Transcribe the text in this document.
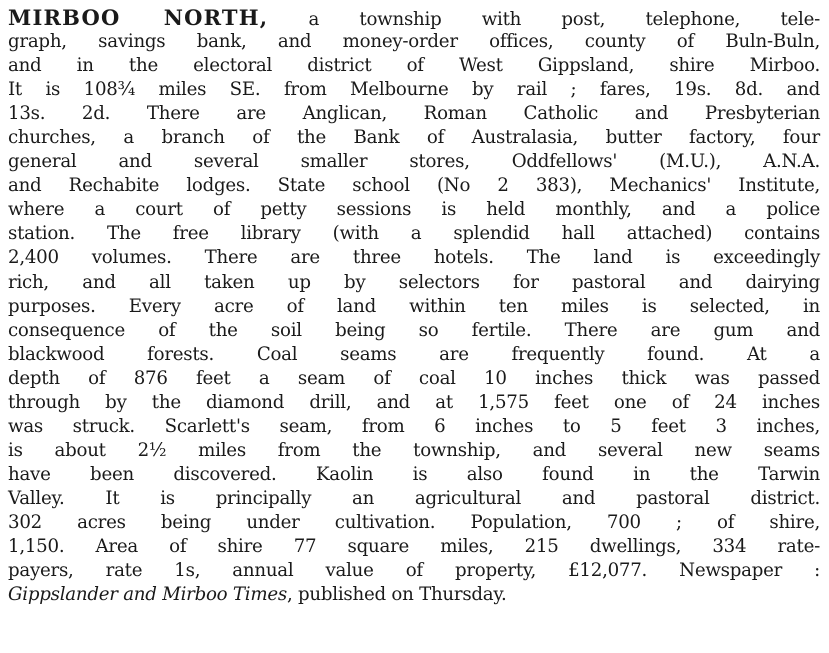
MIRBOO NORTH, a township with post, telephone, tele-
graph, savings bank, and money-order offices, county of Buln-Buln,
and in the electoral district of West Gippsland, shire Mirboo.
It is 108¾ miles SE. from Melbourne by rail ; fares, 19s. 8d. and
13s. 2d. There are Anglican, Roman Catholic and Presbyterian
churches, a branch of the Bank of Australasia, butter factory, four
general and several smaller stores, Oddfellows' (M.U.), A.N.A.
and Rechabite lodges. State school (No 2 383), Mechanics' Institute,
where a court of petty sessions is held monthly, and a police
station. The free library (with a splendid hall attached) contains
2,400 volumes. There are three hotels. The land is exceedingly
rich, and all taken up by selectors for pastoral and dairying
purposes. Every acre of land within ten miles is selected, in
consequence of the soil being so fertile. There are gum and
blackwood forests. Coal seams are frequently found. At a
depth of 876 feet a seam of coal 10 inches thick was passed
through by the diamond drill, and at 1,575 feet one of 24 inches
was struck. Scarlett's seam, from 6 inches to 5 feet 3 inches,
is about 2½ miles from the township, and several new seams
have been discovered. Kaolin is also found in the Tarwin
Valley. It is principally an agricultural and pastoral district.
302 acres being under cultivation. Population, 700 ; of shire,
1,150. Area of shire 77 square miles, 215 dwellings, 334 rate-
payers, rate 1s, annual value of property, £12,077. Newspaper :
Gippslander and Mirboo Times, published on Thursday.
